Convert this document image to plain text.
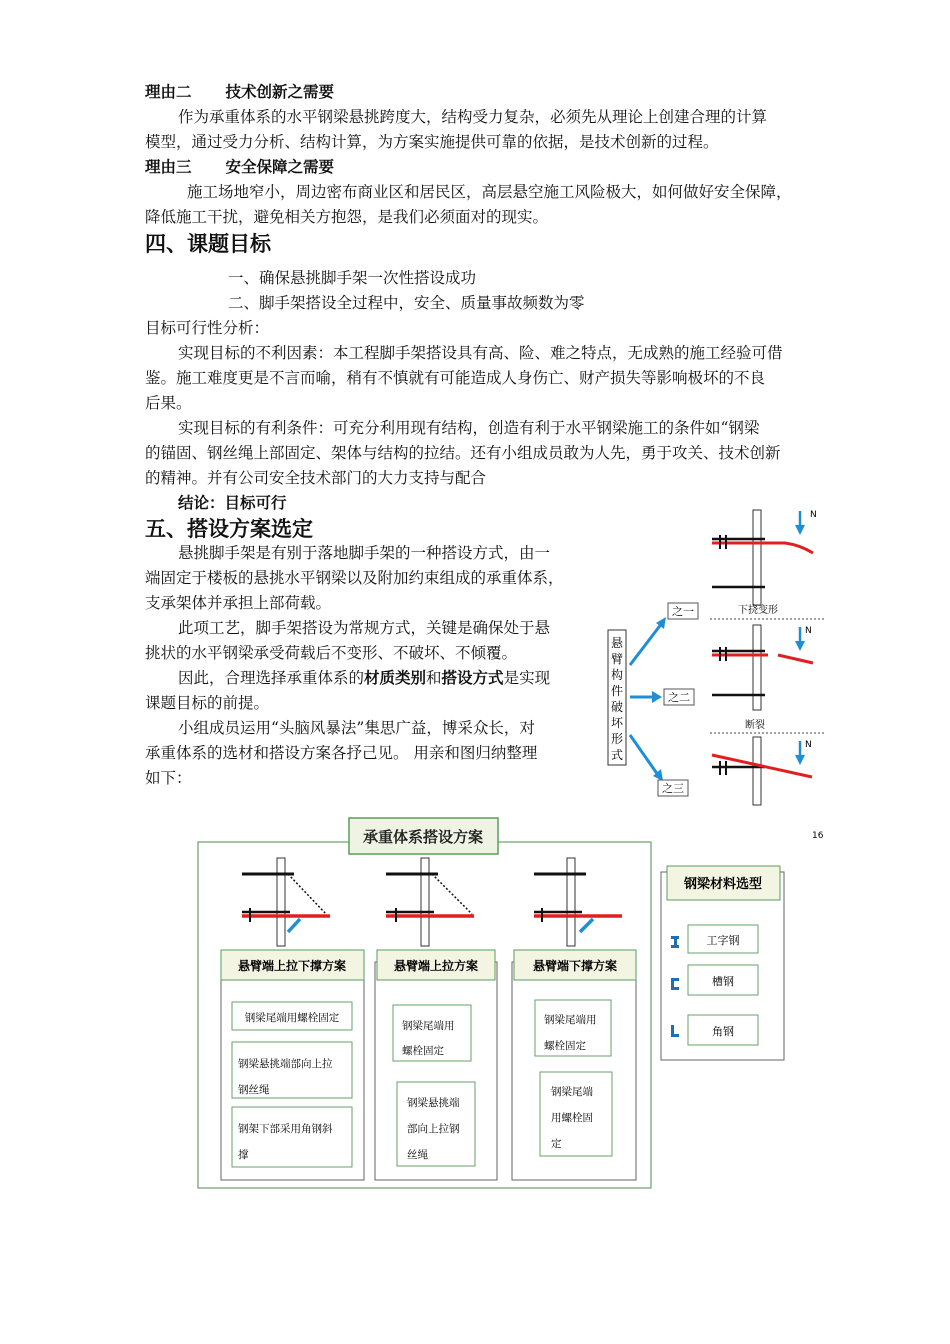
理由二 技术创新之需要
作为承重体系的水平钢梁悬挑跨度大，结构受力复杂，必须先从理论上创建合理的计算
模型，通过受力分析、结构计算，为方案实施提供可靠的依据，是技术创新的过程。
理由三 安全保障之需要
施工场地窄小，周边密布商业区和居民区，高层悬空施工风险极大，如何做好安全保障，
降低施工干扰，避免相关方抱怨，是我们必须面对的现实。
四、课题目标
一、确保悬挑脚手架一次性搭设成功
二、脚手架搭设全过程中，安全、质量事故频数为零
目标可行性分析：
实现目标的不利因素：本工程脚手架搭设具有高、险、难之特点，无成熟的施工经验可借
鉴。施工难度更是不言而喻，稍有不慎就有可能造成人身伤亡、财产损失等影响极坏的不良
后果。
实现目标的有利条件：可充分利用现有结构，创造有利于水平钢梁施工的条件如“钢梁
的锚固、钢丝绳上部固定、架体与结构的拉结。还有小组成员敢为人先，勇于攻关、技术创新
的精神。并有公司安全技术部门的大力支持与配合
结论：目标可行
五、搭设方案选定
悬挑脚手架是有别于落地脚手架的一种搭设方式，由一
端固定于楼板的悬挑水平钢梁以及附加约束组成的承重体系，
支承架体并承担上部荷载。
此项工艺，脚手架搭设为常规方式，关键是确保处于悬
挑状的水平钢梁承受荷载后不变形、不破坏、不倾覆。
因此，合理选择承重体系的材质类别和搭设方式是实现
课题目标的前提。
小组成员运用“头脑风暴法”集思广益，博采众长，对
承重体系的选材和搭设方案各抒己见。 用亲和图归纳整理
如下：
悬
臂
构
件
破
坏
形
式
之一
之二
之三
N
下挠变形
N
断裂
N
16
承重体系搭设方案
悬臂端上拉下撑方案
钢梁尾端用螺栓固定
钢梁悬挑端部向上拉
钢丝绳
钢架下部采用角钢斜
撑
悬臂端上拉方案
钢梁尾端用
螺栓固定
钢梁悬挑端
部向上拉钢
丝绳
悬臂端下撑方案
钢梁尾端用
螺栓固定
钢梁尾端
用螺栓固
定
钢梁材料选型
工字钢
槽钢
角钢
